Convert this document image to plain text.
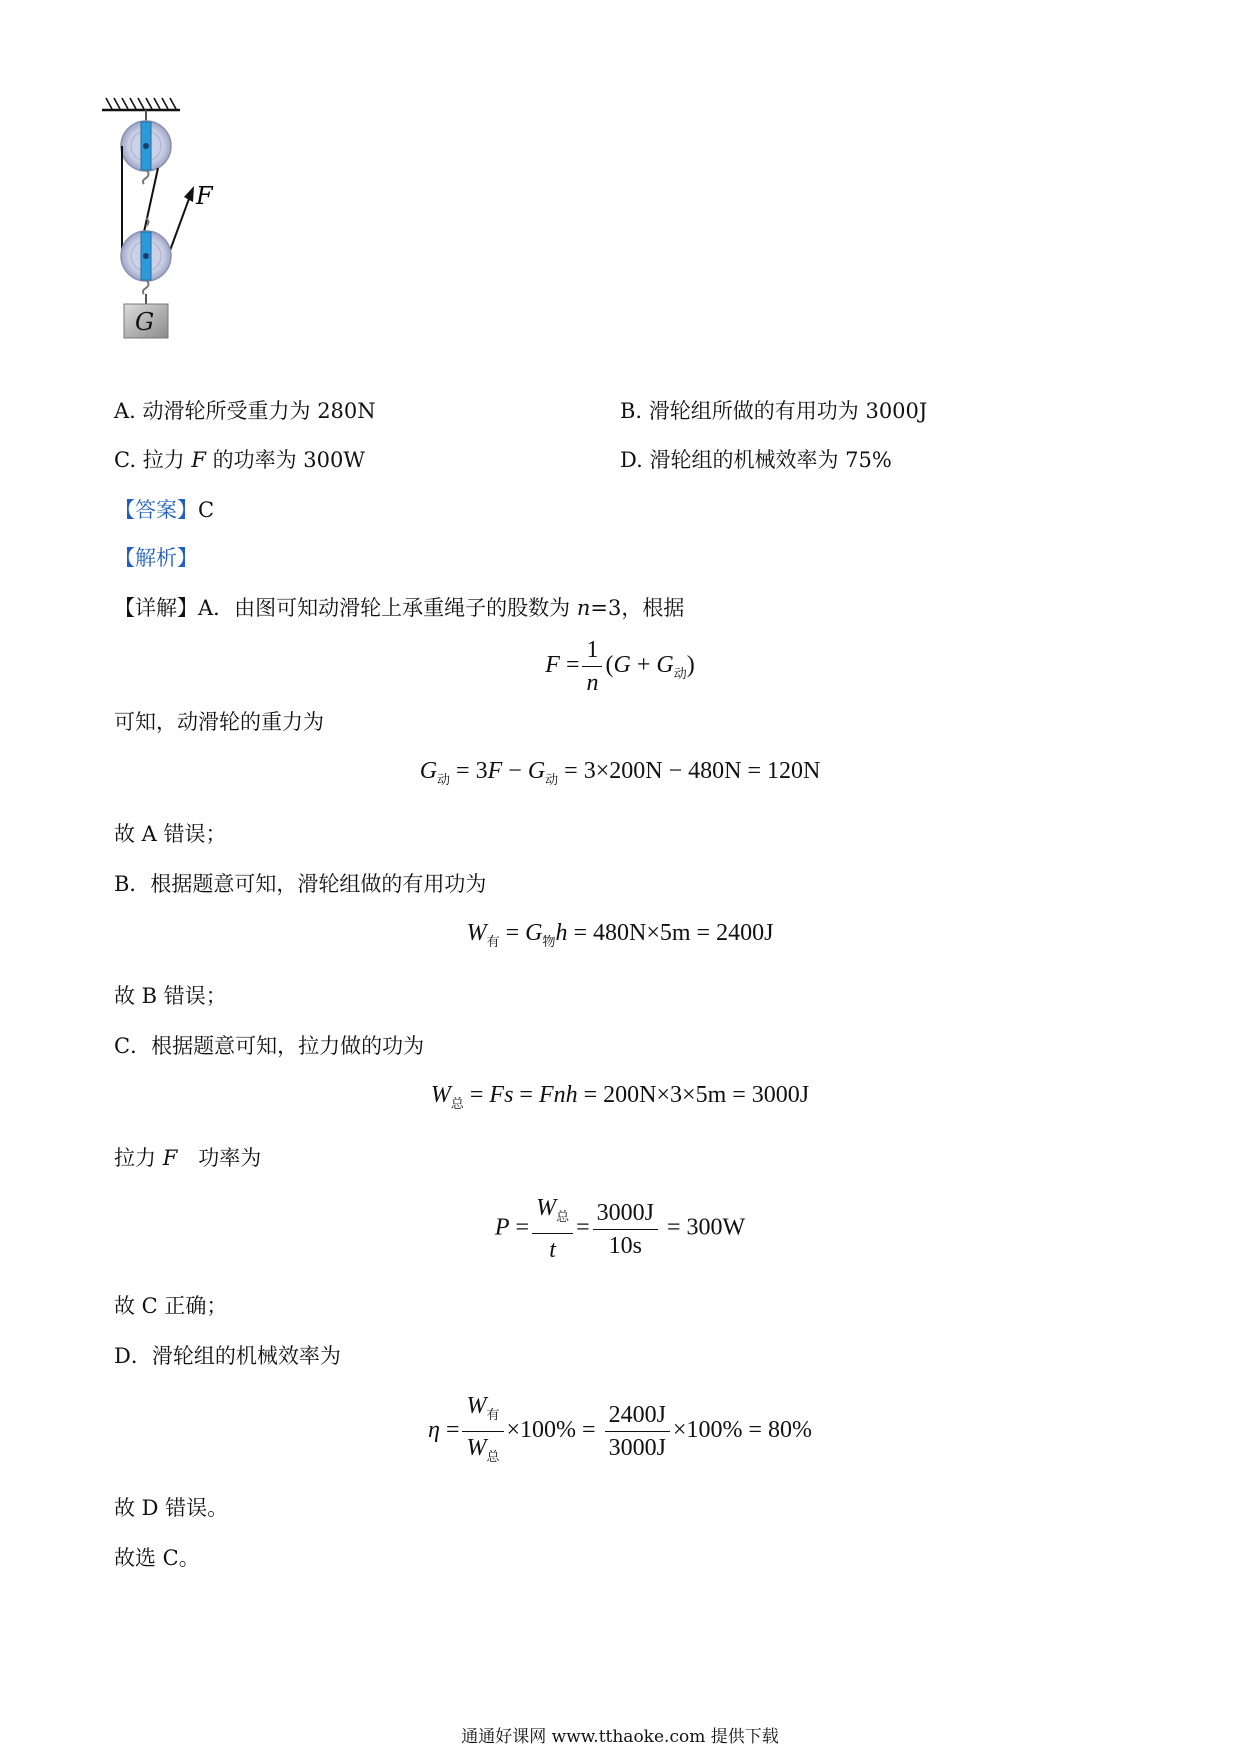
F
G
A. 动滑轮所受重力为 280N	B. 滑轮组所做的有用功为 3000J
C. 拉力 F 的功率为 300W	D. 滑轮组的机械效率为 75%
【答案】C
【解析】
【详解】A．由图可知动滑轮上承重绳子的股数为 n=3，根据
$F = \frac{1}{n} (G + G_动)$
可知，动滑轮的重力为
$G_动 = 3F - G_动 = 3\times 200N - 480N = 120N$
故 A 错误；
B．根据题意可知，滑轮组做的有用功为
$W_有 = G_物h = 480N\times 5m = 2400J$
故 B 错误；
C．根据题意可知，拉力做的功为
$W_总 = Fs$ = Fnh = 200N×3×5m = 3000J
拉力 F　功率为
$P = \frac{W_总}{t} = \frac{3000J}{10s} = 300W$
故 C 正确；
D．滑轮组的机械效率为
$\eta = \frac{W_有}{W_总} \times 100\% = \frac{2400J}{3000J} \times 100\% = 80\%$
故 D 错误。
故选 C。
通通好课网 www.tthaoke.com 提供下载
